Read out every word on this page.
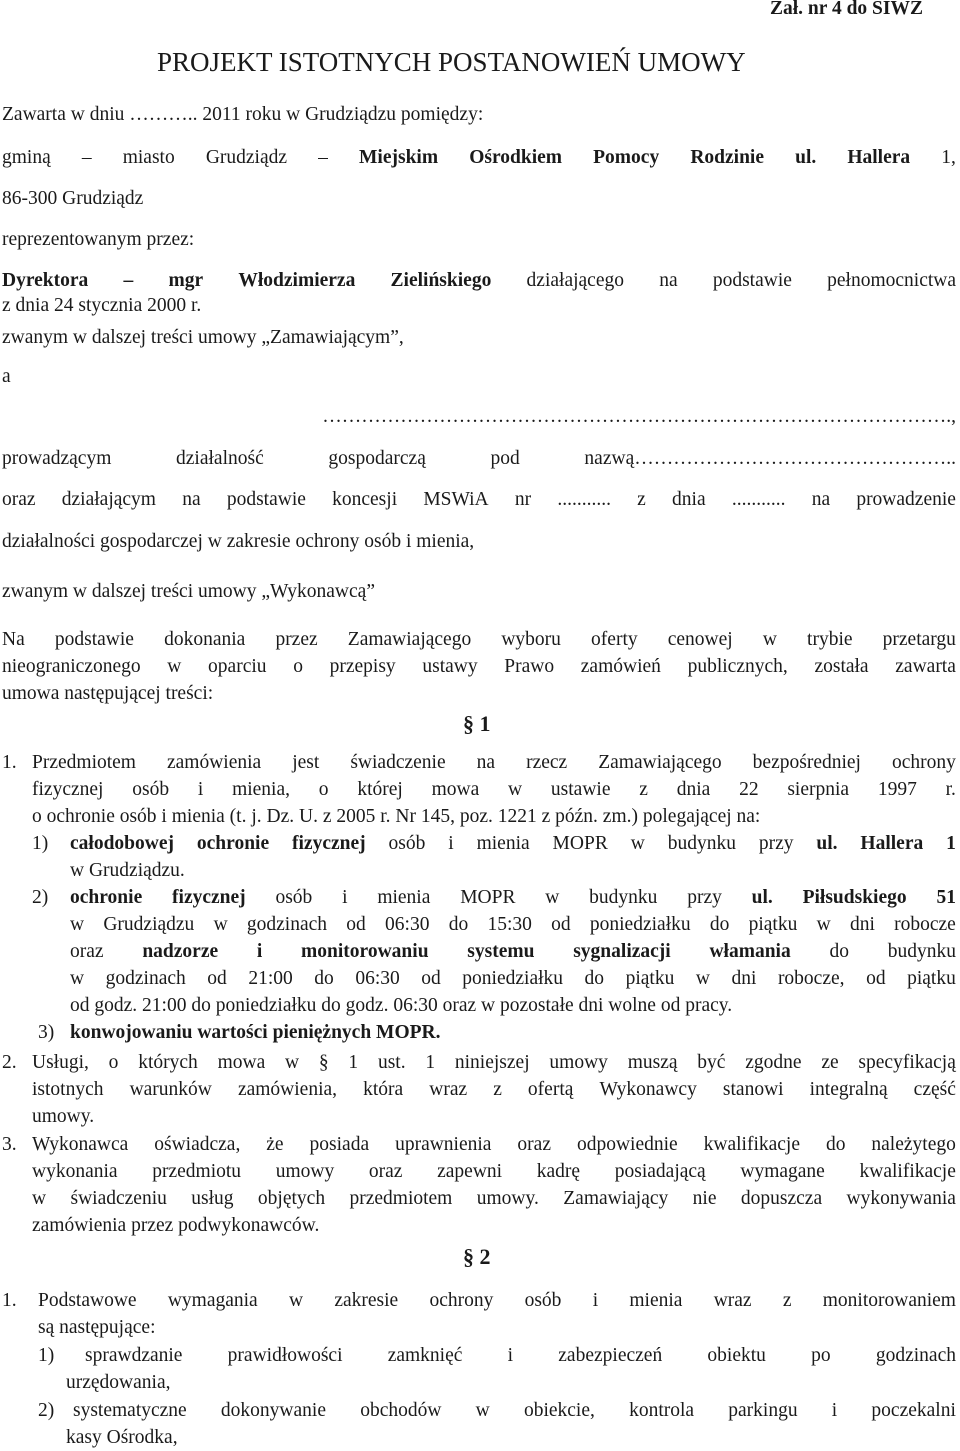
Zał. nr 4 do SIWZ
PROJEKT ISTOTNYCH POSTANOWIEŃ UMOWY
Zawarta w dniu ……….. 2011 roku w Grudziądzu pomiędzy:
gminą – miasto Grudziądz – Miejskim Ośrodkiem Pomocy Rodzinie ul. Hallera 1,
86-300 Grudziądz
reprezentowanym przez:
Dyrektora – mgr Włodzimierza Zielińskiego działającego na podstawie pełnomocnictwa
z dnia 24 stycznia 2000 r.
zwanym w dalszej treści umowy „Zamawiającym”,
a
…………………………………………………………………………………….,
prowadzącym	działalność	gospodarczą	pod	nazwą…………………………………………..
oraz działającym na podstawie koncesji MSWiA nr ........... z dnia ........... na prowadzenie
działalności gospodarczej w zakresie ochrony osób i mienia,
zwanym w dalszej treści umowy „Wykonawcą”
Na podstawie dokonania przez Zamawiającego wyboru oferty cenowej w trybie przetargu
nieograniczonego w oparciu o przepisy ustawy Prawo zamówień publicznych, została zawarta
umowa następującej treści:
§ 1
1. Przedmiotem zamówienia jest świadczenie na rzecz Zamawiającego bezpośredniej ochrony
fizycznej osób i mienia, o której mowa w ustawie z dnia 22 sierpnia 1997 r.
o ochronie osób i mienia (t. j. Dz. U. z 2005 r. Nr 145, poz. 1221 z późn. zm.) polegającej na:
1) całodobowej ochronie fizycznej osób i mienia MOPR w budynku przy ul. Hallera 1
w Grudziądzu.
2) ochronie fizycznej osób i mienia MOPR w budynku przy ul. Piłsudskiego 51
w Grudziądzu w godzinach od 06:30 do 15:30 od poniedziałku do piątku w dni robocze
oraz nadzorze i monitorowaniu systemu sygnalizacji włamania do budynku
w godzinach od 21:00 do 06:30 od poniedziałku do piątku w dni robocze, od piątku
od godz. 21:00 do poniedziałku do godz. 06:30 oraz w pozostałe dni wolne od pracy.
3) konwojowaniu wartości pieniężnych MOPR.
2. Usługi, o których mowa w § 1 ust. 1 niniejszej umowy muszą być zgodne ze specyfikacją
istotnych warunków zamówienia, która wraz z ofertą Wykonawcy stanowi integralną część
umowy.
3. Wykonawca oświadcza, że posiada uprawnienia oraz odpowiednie kwalifikacje do należytego
wykonania przedmiotu umowy oraz zapewni kadrę posiadającą wymagane kwalifikacje
w świadczeniu usług objętych przedmiotem umowy. Zamawiający nie dopuszcza wykonywania
zamówienia przez podwykonawców.
§ 2
1. Podstawowe wymagania w zakresie ochrony osób i mienia wraz z monitorowaniem
są następujące:
1) sprawdzanie prawidłowości zamknięć i zabezpieczeń obiektu po godzinach
urzędowania,
2) systematyczne dokonywanie obchodów w obiekcie, kontrola parkingu i poczekalni
kasy Ośrodka,
